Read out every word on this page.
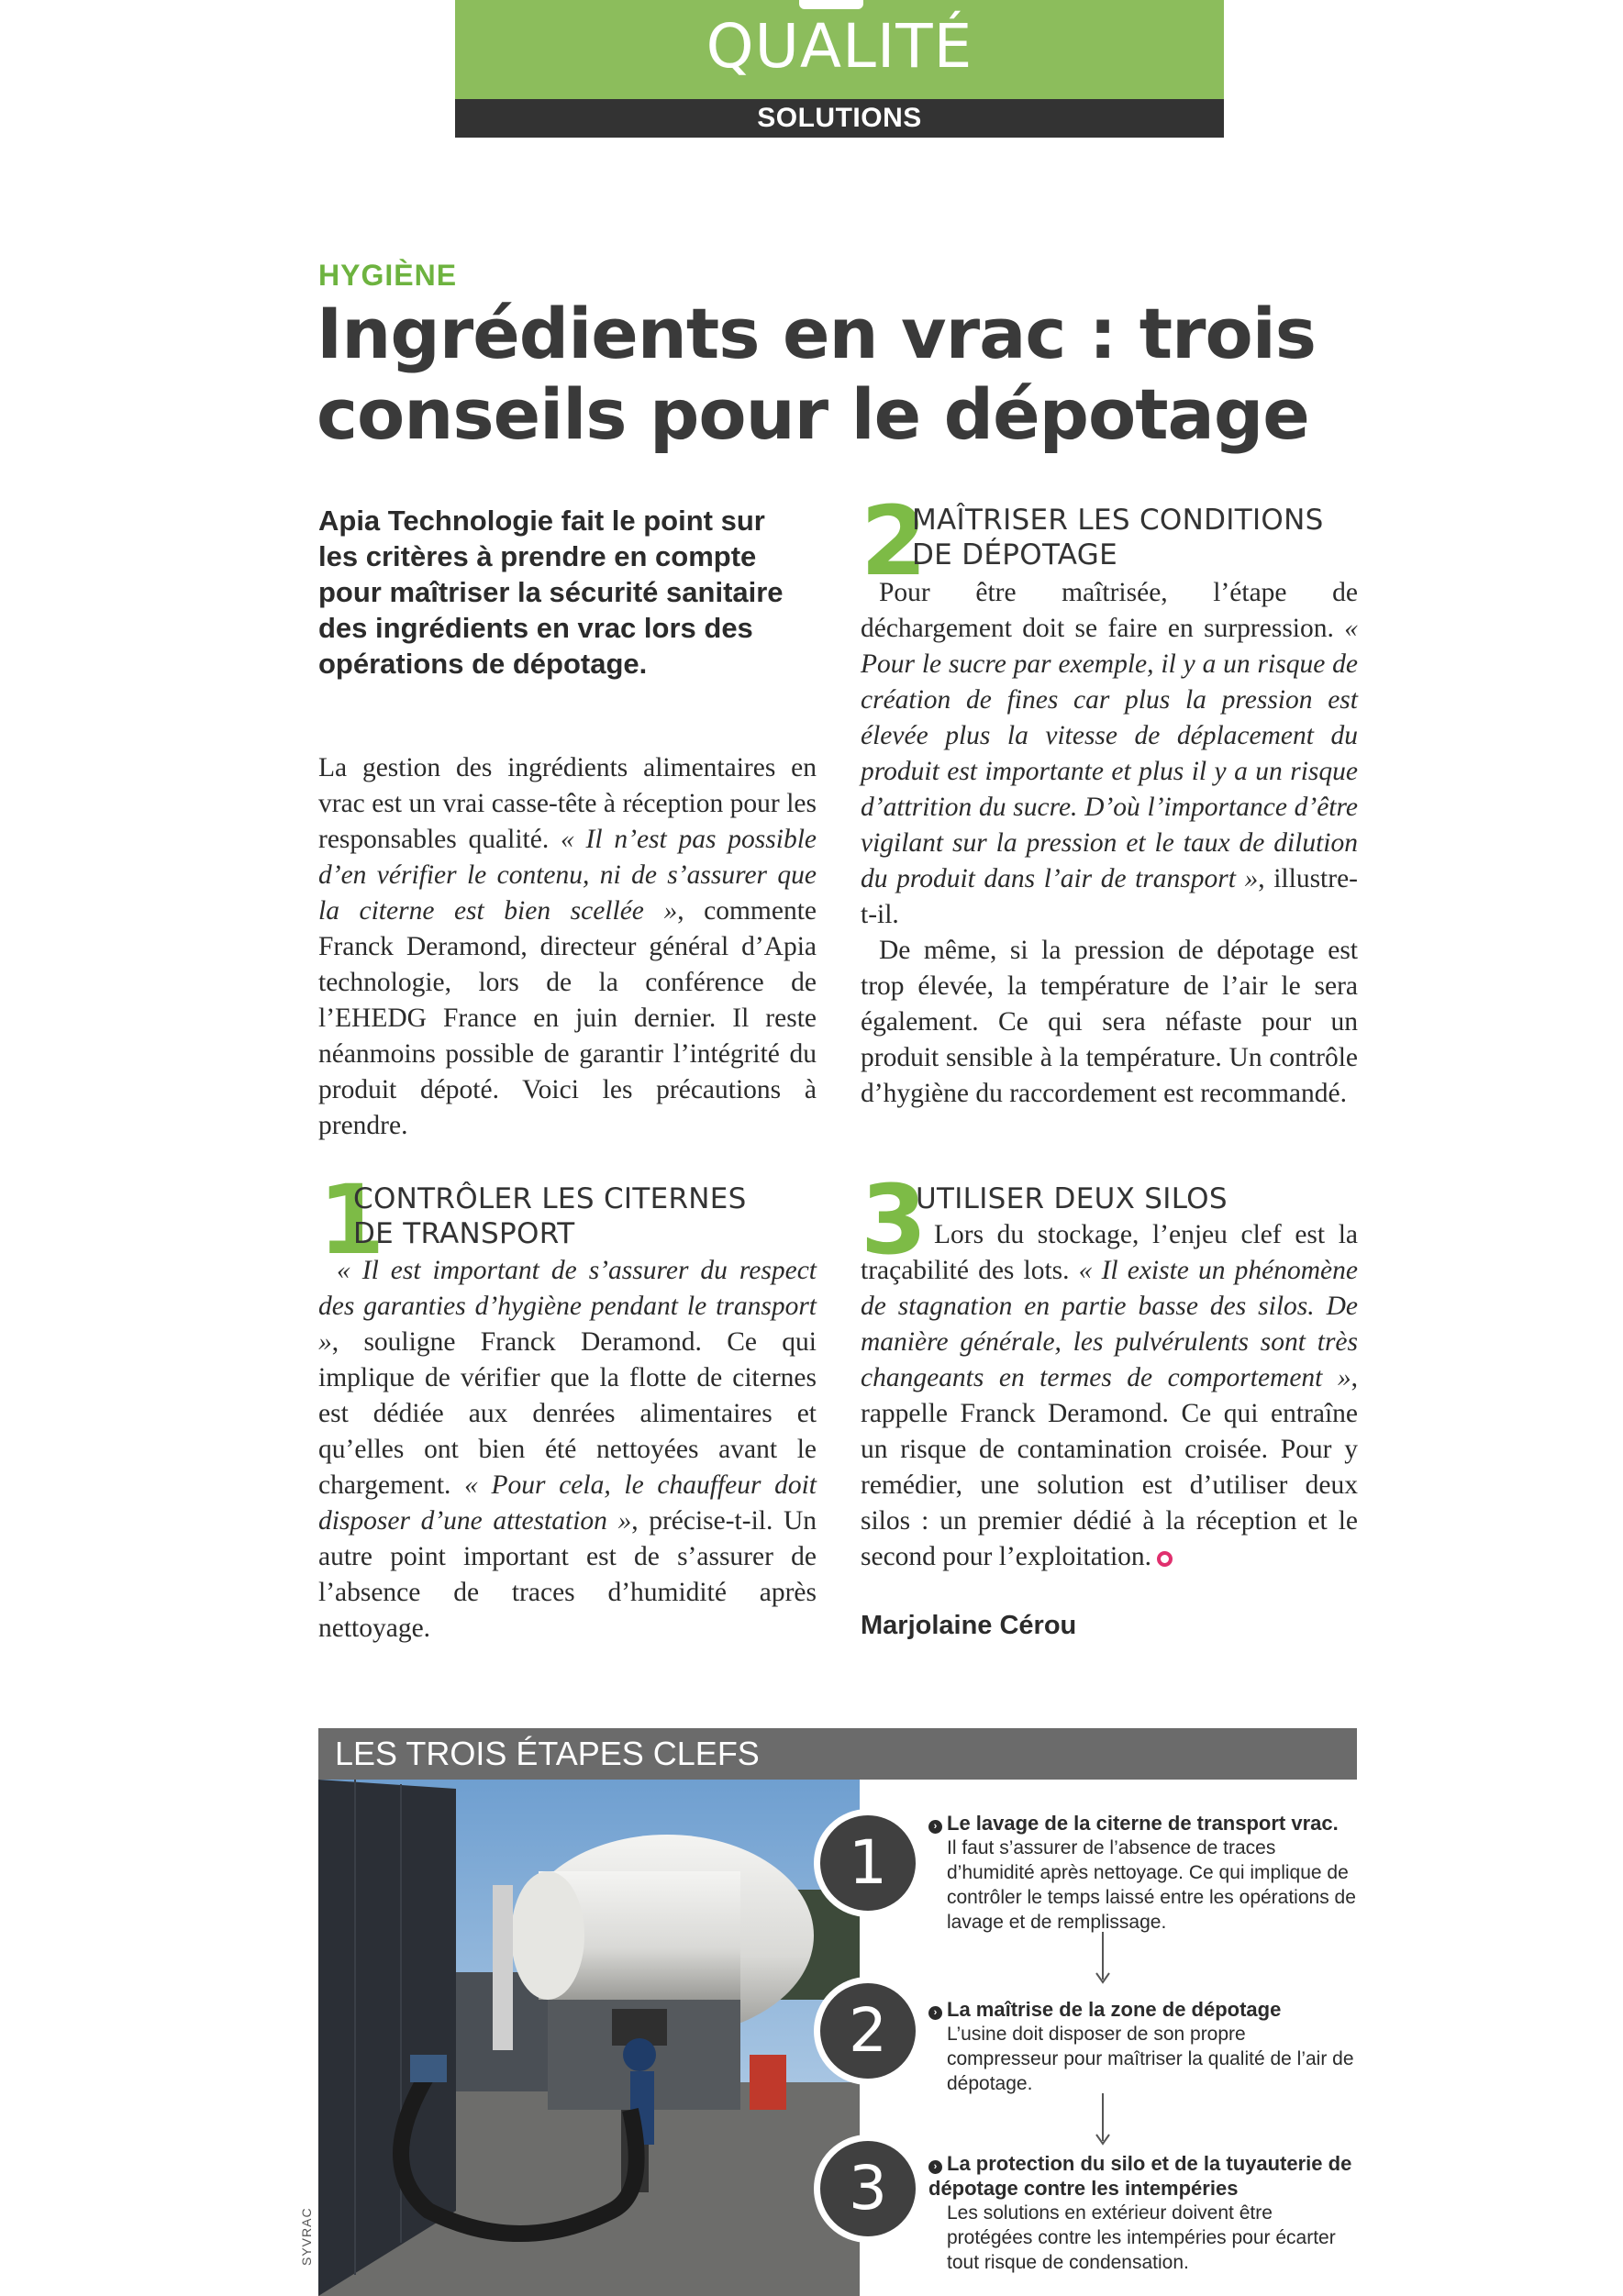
QUALITÉ
SOLUTIONS
HYGIÈNE
Ingrédients en vrac : trois
conseils pour le dépotage
Apia Technologie fait le point sur les critères à prendre en compte pour maîtriser la sécurité sanitaire des ingrédients en vrac lors des opérations de dépotage.
La gestion des ingrédients alimentaires en vrac est un vrai casse-tête à réception pour les responsables qualité. « Il n’est pas possible d’en vérifier le contenu, ni de s’assurer que la citerne est bien scellée », commente Franck Deramond, directeur général d’Apia technologie, lors de la conférence de l’EHEDG France en juin dernier. Il reste néanmoins possible de garantir l’intégrité du produit dépoté. Voici les précautions à prendre.
1
CONTRÔLER LES CITERNES
DE TRANSPORT
« Il est important de s’assurer du respect des garanties d’hygiène pendant le transport », souligne Franck Deramond. Ce qui implique de vérifier que la flotte de citernes est dédiée aux denrées alimentaires et qu’elles ont bien été nettoyées avant le chargement. « Pour cela, le chauffeur doit disposer d’une attestation », précise-t-il. Un autre point important est de s’assurer de l’absence de traces d’humidité après nettoyage.
2
MAÎTRISER LES CONDITIONS
DE DÉPOTAGE
Pour être maîtrisée, l’étape de déchargement doit se faire en surpression. « Pour le sucre par exemple, il y a un risque de création de fines car plus la pression est élevée plus la vitesse de déplacement du produit est importante et plus il y a un risque d’attrition du sucre. D’où l’importance d’être vigilant sur la pression et le taux de dilution du produit dans l’air de transport », illustre-t-il.
De même, si la pression de dépotage est trop élevée, la température de l’air le sera également. Ce qui sera néfaste pour un produit sensible à la température. Un contrôle d’hygiène du raccordement est recommandé.
3
UTILISER DEUX SILOS
Lors du stockage, l’enjeu clef est la traçabilité des lots. « Il existe un phénomène de stagnation en partie basse des silos. De manière générale, les pulvérulents sont très changeants en termes de comportement », rappelle Franck Deramond. Ce qui entraîne un risque de contamination croisée. Pour y remédier, une solution est d’utiliser deux silos : un premier dédié à la réception et le second pour l’exploitation.
Marjolaine Cérou
LES TROIS ÉTAPES CLEFS
SYVRAC
1
› Le lavage de la citerne de transport vrac.
Il faut s’assurer de l’absence de traces d’humidité après nettoyage. Ce qui implique de contrôler le temps laissé entre les opérations de lavage et de remplissage.
2	› La maîtrise de la zone de dépotage
L’usine doit disposer de son propre compresseur pour maîtriser la qualité de l’air de dépotage.
3	› La protection du silo et de la tuyauterie de dépotage contre les intempéries
Les solutions en extérieur doivent être protégées contre les intempéries pour écarter tout risque de condensation.
